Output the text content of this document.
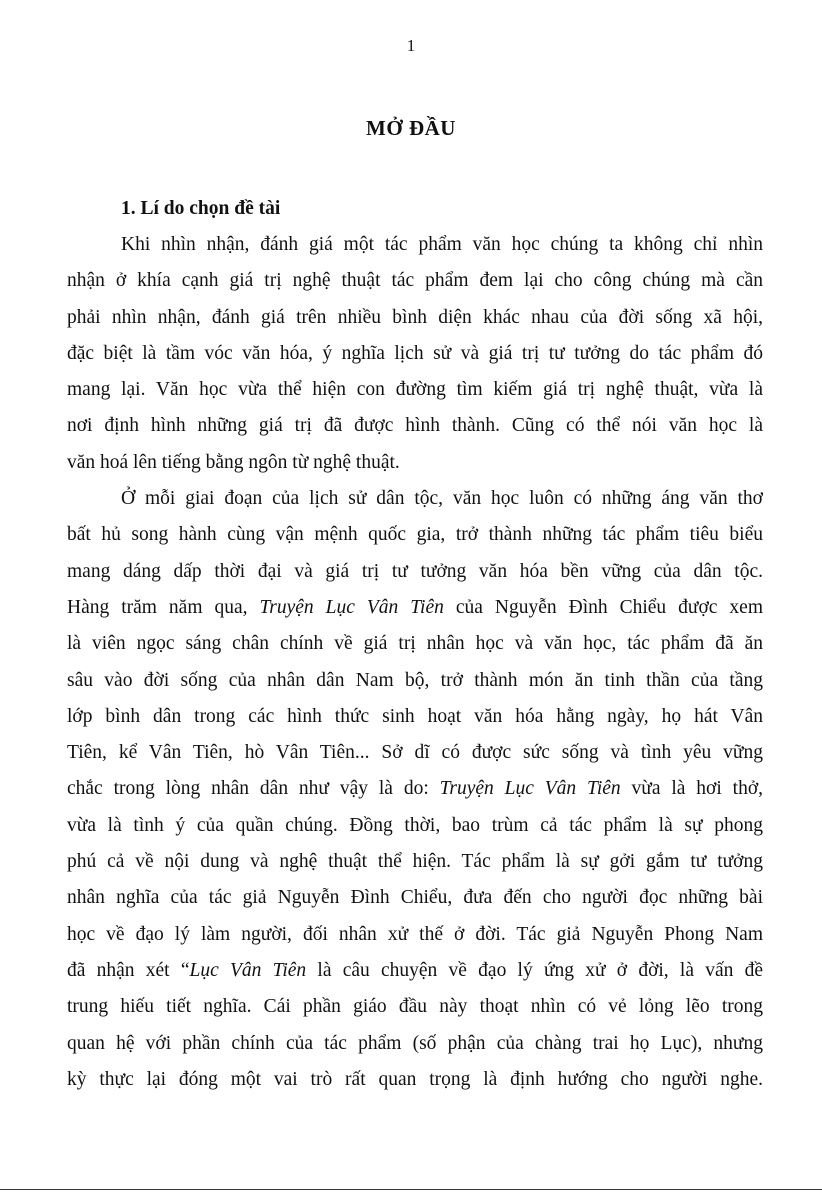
1
MỞ ĐẦU
1. Lí do chọn đề tài
Khi nhìn nhận, đánh giá một tác phẩm văn học chúng ta không chỉ nhìn
nhận ở khía cạnh giá trị nghệ thuật tác phẩm đem lại cho công chúng mà cần
phải nhìn nhận, đánh giá trên nhiều bình diện khác nhau của đời sống xã hội,
đặc biệt là tầm vóc văn hóa, ý nghĩa lịch sử và giá trị tư tưởng do tác phẩm đó
mang lại. Văn học vừa thể hiện con đường tìm kiếm giá trị nghệ thuật, vừa là
nơi định hình những giá trị đã được hình thành. Cũng có thể nói văn học là
văn hoá lên tiếng bằng ngôn từ nghệ thuật.
Ở mỗi giai đoạn của lịch sử dân tộc, văn học luôn có những áng văn thơ
bất hủ song hành cùng vận mệnh quốc gia, trở thành những tác phẩm tiêu biểu
mang dáng dấp thời đại và giá trị tư tưởng văn hóa bền vững của dân tộc.
Hàng trăm năm qua, Truyện Lục Vân Tiên của Nguyễn Đình Chiểu được xem
là viên ngọc sáng chân chính về giá trị nhân học và văn học, tác phẩm đã ăn
sâu vào đời sống của nhân dân Nam bộ, trở thành món ăn tinh thần của tầng
lớp bình dân trong các hình thức sinh hoạt văn hóa hằng ngày, họ hát Vân
Tiên, kể Vân Tiên, hò Vân Tiên... Sở dĩ có được sức sống và tình yêu vững
chắc trong lòng nhân dân như vậy là do: Truyện Lục Vân Tiên vừa là hơi thở,
vừa là tình ý của quần chúng. Đồng thời, bao trùm cả tác phẩm là sự phong
phú cả về nội dung và nghệ thuật thể hiện. Tác phẩm là sự gởi gắm tư tưởng
nhân nghĩa của tác giả Nguyễn Đình Chiểu, đưa đến cho người đọc những bài
học về đạo lý làm người, đối nhân xử thế ở đời. Tác giả Nguyễn Phong Nam
đã nhận xét “Lục Vân Tiên là câu chuyện về đạo lý ứng xử ở đời, là vấn đề
trung hiếu tiết nghĩa. Cái phần giáo đầu này thoạt nhìn có vẻ lỏng lẽo trong
quan hệ với phần chính của tác phẩm (số phận của chàng trai họ Lục), nhưng
kỳ thực lại đóng một vai trò rất quan trọng là định hướng cho người nghe.
